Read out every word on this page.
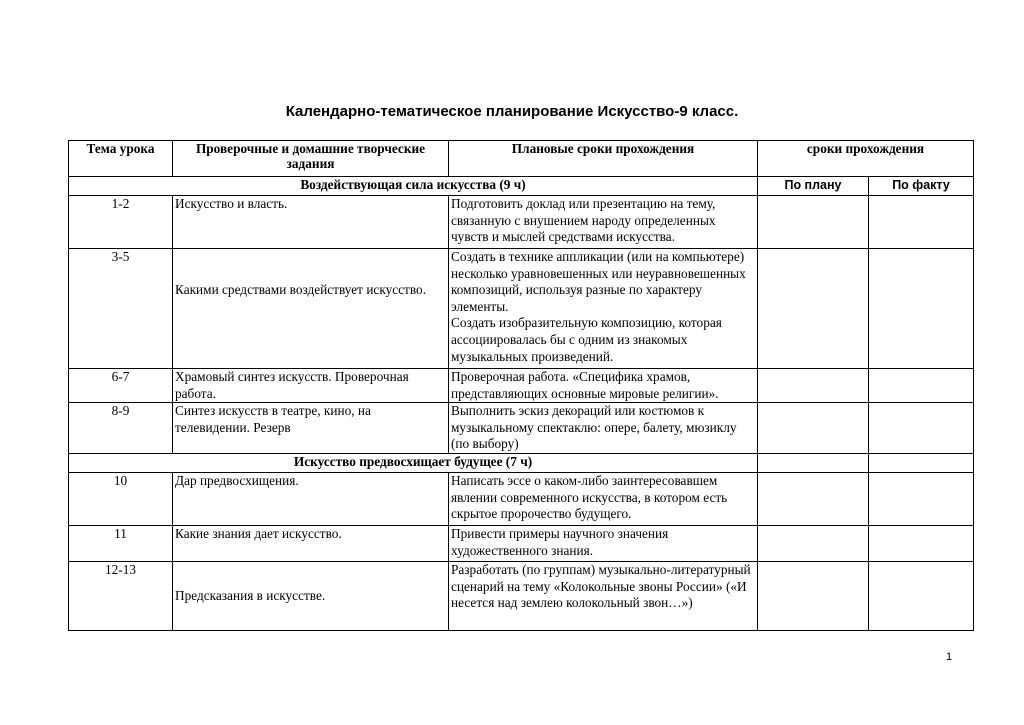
Календарно-тематическое планирование Искусство-9 класс.
Тема урока	Проверочные и домашние творческие задания	Плановые сроки прохождения	сроки прохождения	
Воздействующая сила искусства (9 ч)			По плану	По факту
1-2	Искусство и власть.	Подготовить доклад или презентацию на тему, связанную с внушением народу определенных чувств и мыслей средствами искусства.		

3-5	Какими средствами воздействует искусство.	Создать в технике аппликации (или на компьютере) несколько уравновешенных или неуравновешенных композиций, используя разные по характеру элементы.
Создать изобразительную композицию, которая ассоциировалась бы с одним из знакомых музыкальных произведений.		

6-7	Храмовый синтез искусств. Проверочная работа.	Проверочная работа. «Специфика храмов, представляющих основные мировые религии».		

8-9	Синтез искусств в театре, кино, на телевидении. Резерв	Выполнить эскиз декораций или костюмов к музыкальному спектаклю: опере, балету, мюзиклу (по выбору)		

Искусство предвосхищает будущее (7 ч)				
10	Дар предвосхищения.	Написать эссе о каком-либо заинтересовавшем явлении современного искусства, в котором есть скрытое пророчество будущего.		

11	Какие знания дает искусство.	Привести примеры научного значения художественного знания.		

12-13	Предсказания в искусстве.	Разработать (по группам) музыкально-литературный сценарий на тему «Колокольные звоны России» («И несется над землею колокольный звон…»)		

1
